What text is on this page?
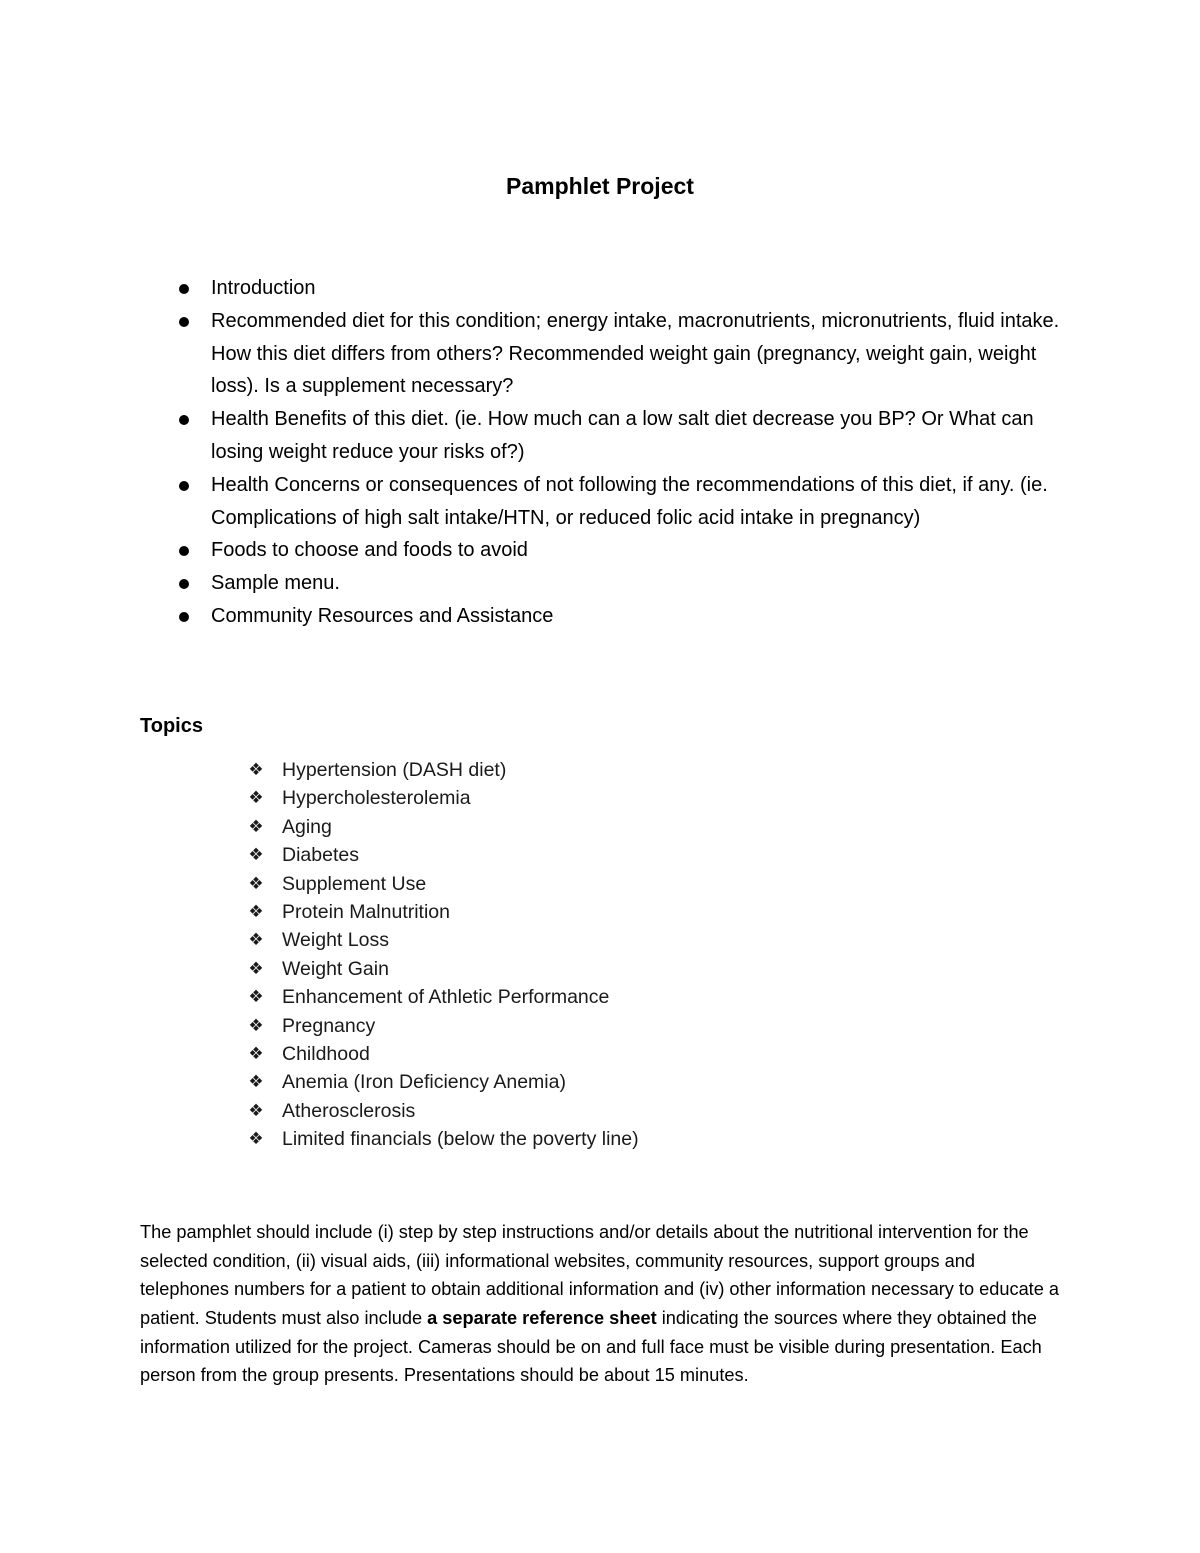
Pamphlet Project
Introduction
Recommended diet for this condition; energy intake, macronutrients, micronutrients, fluid intake. How this diet differs from others? Recommended weight gain (pregnancy, weight gain, weight loss). Is a supplement necessary?
Health Benefits of this diet. (ie. How much can a low salt diet decrease you BP? Or What can losing weight reduce your risks of?)
Health Concerns or consequences of not following the recommendations of this diet, if any. (ie. Complications of high salt intake/HTN, or reduced folic acid intake in pregnancy)
Foods to choose and foods to avoid
Sample menu.
Community Resources and Assistance
Topics
❖ Hypertension (DASH diet)
❖ Hypercholesterolemia
❖ Aging
❖ Diabetes
❖ Supplement Use
❖ Protein Malnutrition
❖ Weight Loss
❖ Weight Gain
❖ Enhancement of Athletic Performance
❖ Pregnancy
❖ Childhood
❖ Anemia (Iron Deficiency Anemia)
❖ Atherosclerosis
❖ Limited financials (below the poverty line)

The pamphlet should include (i) step by step instructions and/or details about the nutritional intervention for the selected condition, (ii) visual aids, (iii) informational websites, community resources, support groups and telephones numbers for a patient to obtain additional information and (iv) other information necessary to educate a patient. Students must also include a separate reference sheet indicating the sources where they obtained the information utilized for the project. Cameras should be on and full face must be visible during presentation. Each person from the group presents. Presentations should be about 15 minutes.
